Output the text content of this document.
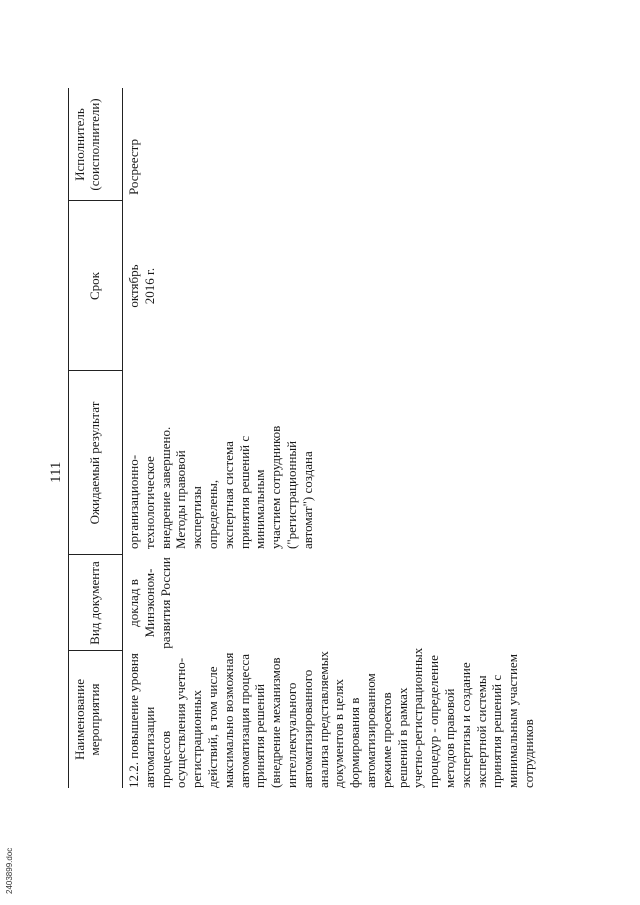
111
Наименование
мероприятия
Вид документа
Ожидаемый результат
Срок
Исполнитель
(соисполнители)
12.2. повышение уровня
автоматизации
процессов
осуществления учетно-
регистрационных
действий, в том числе
максимально возможная
автоматизация процесса
принятия решений
(внедрение механизмов
интеллектуального
автоматизированного
анализа представляемых
документов в целях
формирования в
автоматизированном
режиме проектов
решений в рамках
учетно-регистрационных
процедур - определение
методов правовой
экспертизы и создание
экспертной системы
принятия решений с
минимальным участием
сотрудников
доклад в
Минэконом-
развития России
организационно-
технологическое
внедрение завершено.
Методы правовой
экспертизы
определены,
экспертная система
принятия решений с
минимальным
участием сотрудников
("регистрационный
автомат") создана
октябрь
2016 г.
Росреестр
2403899.doc
